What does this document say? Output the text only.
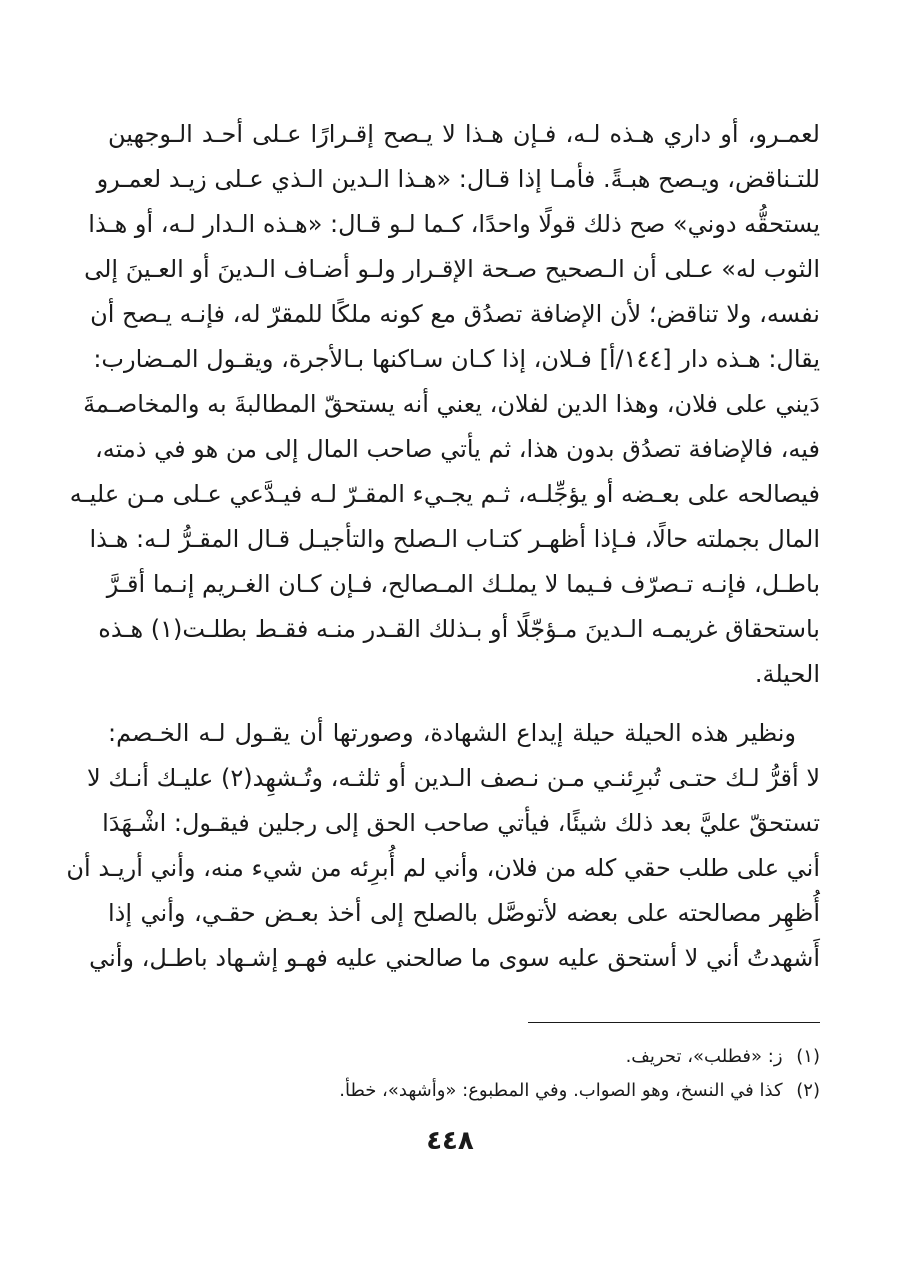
لعمـرو، أو داري هـذه لـه، فـإن هـذا لا يـصح إقـرارًا عـلى أحـد الـوجهين
للتـناقض، ويـصح هبـةً. فأمـا إذا قـال: «هـذا الـدين الـذي عـلى زيـد لعمـرو
يستحقُّه دوني» صح ذلك قولًا واحدًا، كـما لـو قـال: «هـذه الـدار لـه، أو هـذا
الثوب له» عـلى أن الـصحيح صـحة الإقـرار ولـو أضـاف الـدينَ أو العـينَ إلى
نفسه، ولا تناقض؛ لأن الإضافة تصدُق مع كونه ملكًا للمقرّ له، فإنـه يـصح أن
يقال: هـذه دار [١٤٤/أ] فـلان، إذا كـان سـاكنها بـالأجرة، ويقـول المـضارب:
دَيني على فلان، وهذا الدين لفلان، يعني أنه يستحقّ المطالبةَ به والمخاصـمةَ
فيه، فالإضافة تصدُق بدون هذا، ثم يأتي صاحب المال إلى من هو في ذمته،
فيصالحه على بعـضه أو يؤجِّلـه، ثـم يجـيء المقـرّ لـه فيـدَّعي عـلى مـن عليـه
المال بجملته حالًا، فـإذا أظهـر كتـاب الـصلح والتأجيـل قـال المقـرُّ لـه: هـذا
باطـل، فإنـه تـصرّف فـيما لا يملـك المـصالح، فـإن كـان الغـريم إنـما أقـرَّ
باستحقاق غريمـه الـدينَ مـؤجّلًا أو بـذلك القـدر منـه فقـط بطلـت(١) هـذه
الحيلة.
ونظير هذه الحيلة حيلة إيداع الشهادة، وصورتها أن يقـول لـه الخـصم:
لا أقرُّ لـك حتـى تُبرِئنـي مـن نـصف الـدين أو ثلثـه، وتُـشهِد(٢) عليـك أنـك لا
تستحقّ عليَّ بعد ذلك شيئًا، فيأتي صاحب الحق إلى رجلين فيقـول: اشْـهَدَا
أني على طلب حقي كله من فلان، وأني لم أُبرِئه من شيء منه، وأني أريـد أن
أُظهِر مصالحته على بعضه لأتوصَّل بالصلح إلى أخذ بعـض حقـي، وأني إذا
أَشهدتُ أني لا أستحق عليه سوى ما صالحني عليه فهـو إشـهاد باطـل، وأني
(١) ز: «فطلب»، تحريف.
(٢) كذا في النسخ، وهو الصواب. وفي المطبوع: «وأشهد»، خطأ.
٤٤٨
